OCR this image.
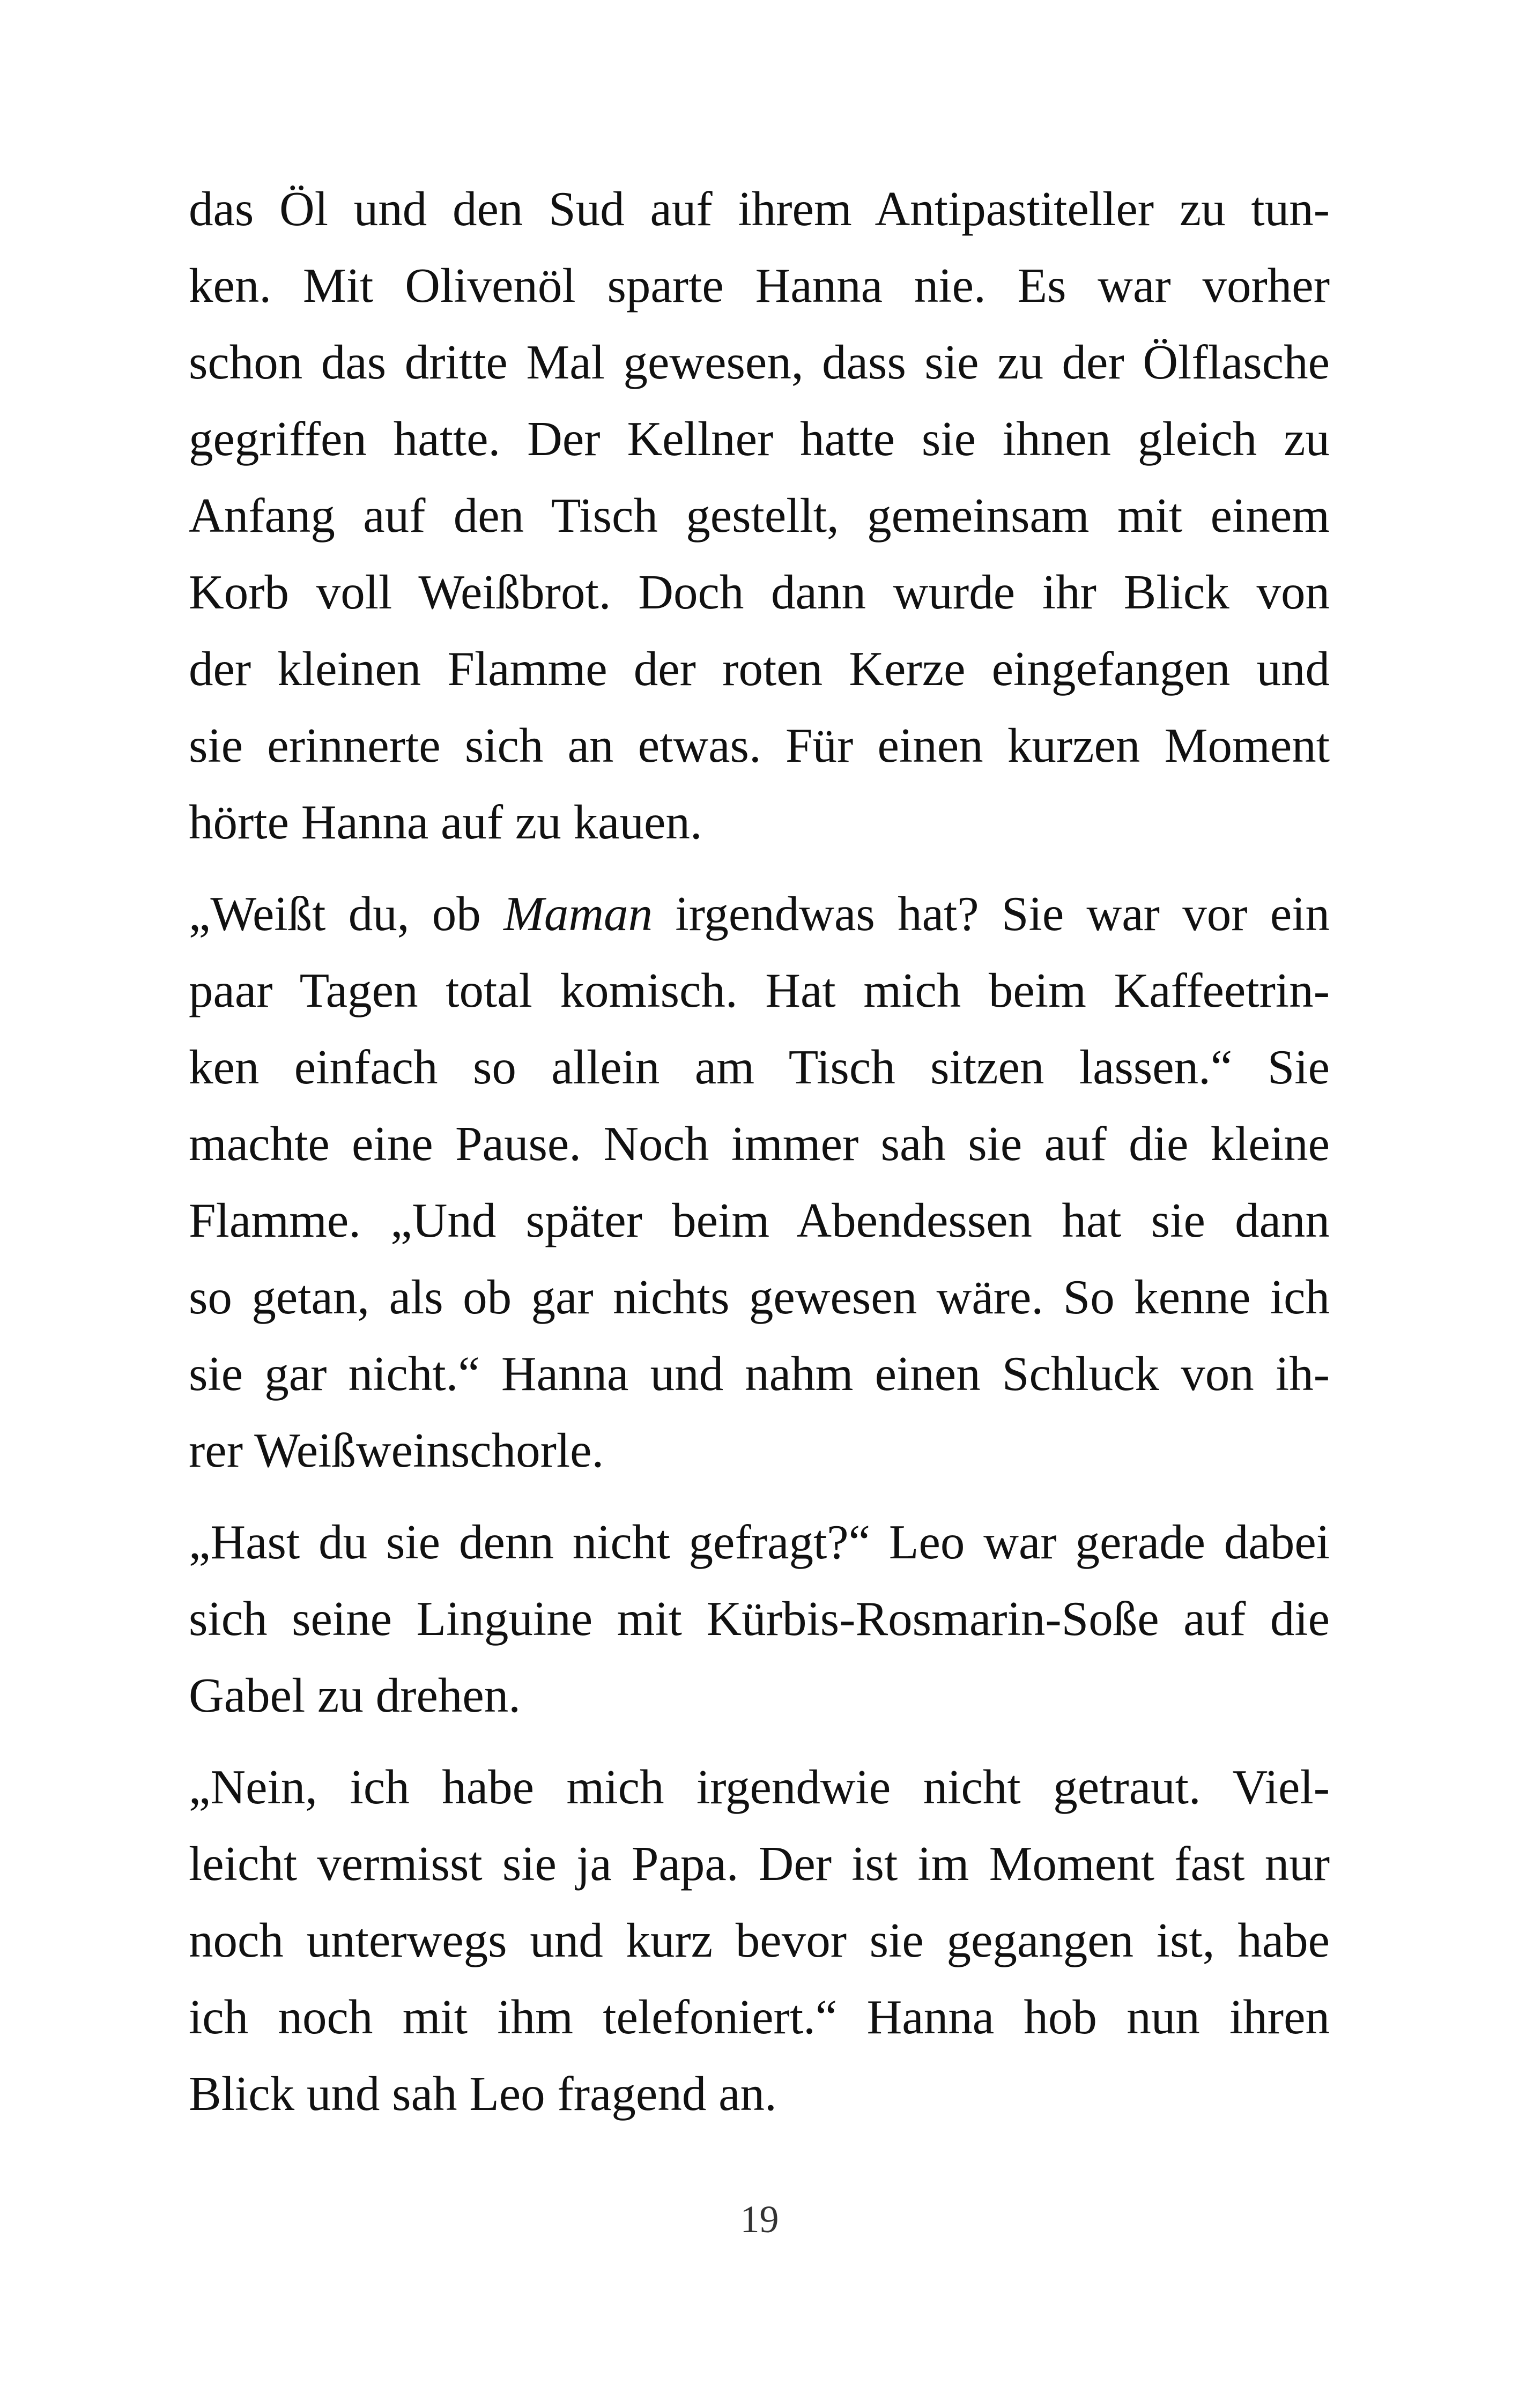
das Öl und den Sud auf ihrem Antipastiteller zu tun-
ken. Mit Olivenöl sparte Hanna nie. Es war vorher
schon das dritte Mal gewesen, dass sie zu der Ölflasche
gegriffen hatte. Der Kellner hatte sie ihnen gleich zu
Anfang auf den Tisch gestellt, gemeinsam mit einem
Korb voll Weißbrot. Doch dann wurde ihr Blick von
der kleinen Flamme der roten Kerze eingefangen und
sie erinnerte sich an etwas. Für einen kurzen Moment
hörte Hanna auf zu kauen.
„Weißt du, ob Maman irgendwas hat? Sie war vor ein
paar Tagen total komisch. Hat mich beim Kaffeetrin-
ken einfach so allein am Tisch sitzen lassen.“ Sie
machte eine Pause. Noch immer sah sie auf die kleine
Flamme. „Und später beim Abendessen hat sie dann
so getan, als ob gar nichts gewesen wäre. So kenne ich
sie gar nicht.“ Hanna und nahm einen Schluck von ih-
rer Weißweinschorle.
„Hast du sie denn nicht gefragt?“ Leo war gerade dabei
sich seine Linguine mit Kürbis-Rosmarin-Soße auf die
Gabel zu drehen.
„Nein, ich habe mich irgendwie nicht getraut. Viel-
leicht vermisst sie ja Papa. Der ist im Moment fast nur
noch unterwegs und kurz bevor sie gegangen ist, habe
ich noch mit ihm telefoniert.“ Hanna hob nun ihren
Blick und sah Leo fragend an.
19
